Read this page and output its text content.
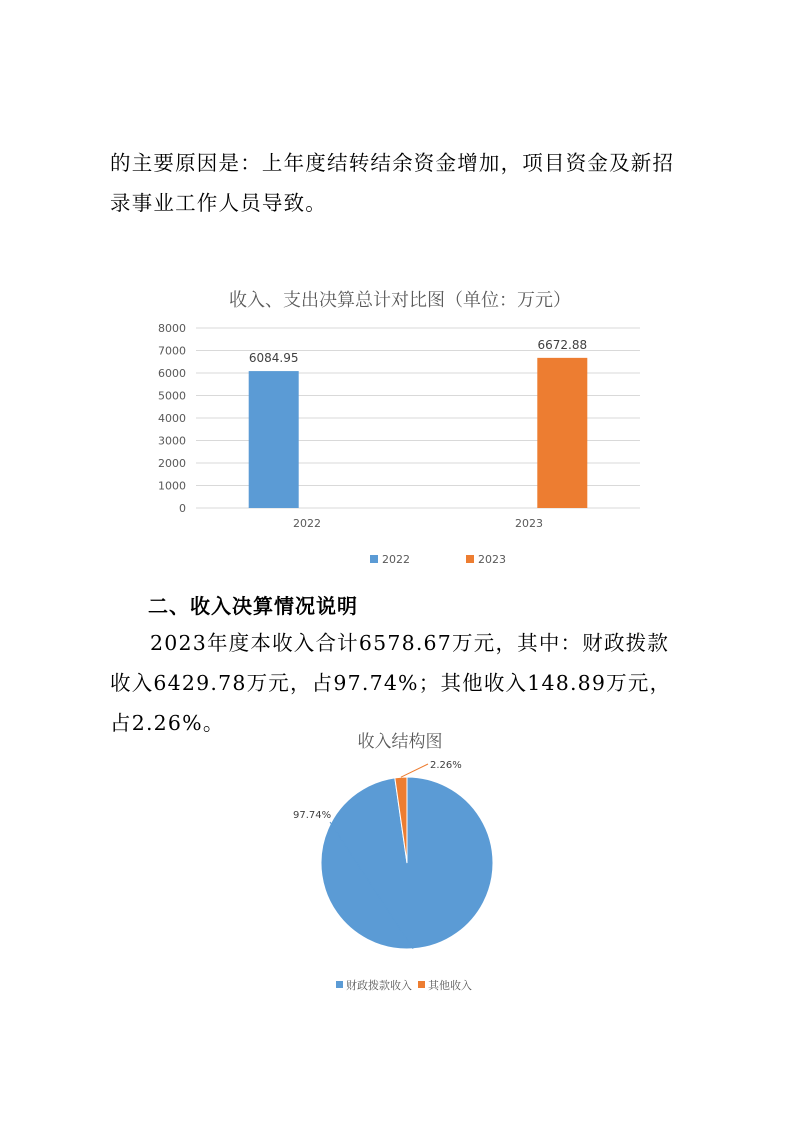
的主要原因是：上年度结转结余资金增加，项目资金及新招录事业工作人员导致。

收入、支出决算总计对比图（单位：万元）
0
1000
2000
3000
4000
5000
6000
7000
8000
2022	2023
6084.95
6672.88
2022	2023
二、收入决算情况说明

2023年度本收入合计6578.67万元，其中：财政拨款收入6429.78万元，占97.74%；其他收入148.89万元，占2.26%。

收入结构图
97.74%
2.26%
财政拨款收入 其他收入
